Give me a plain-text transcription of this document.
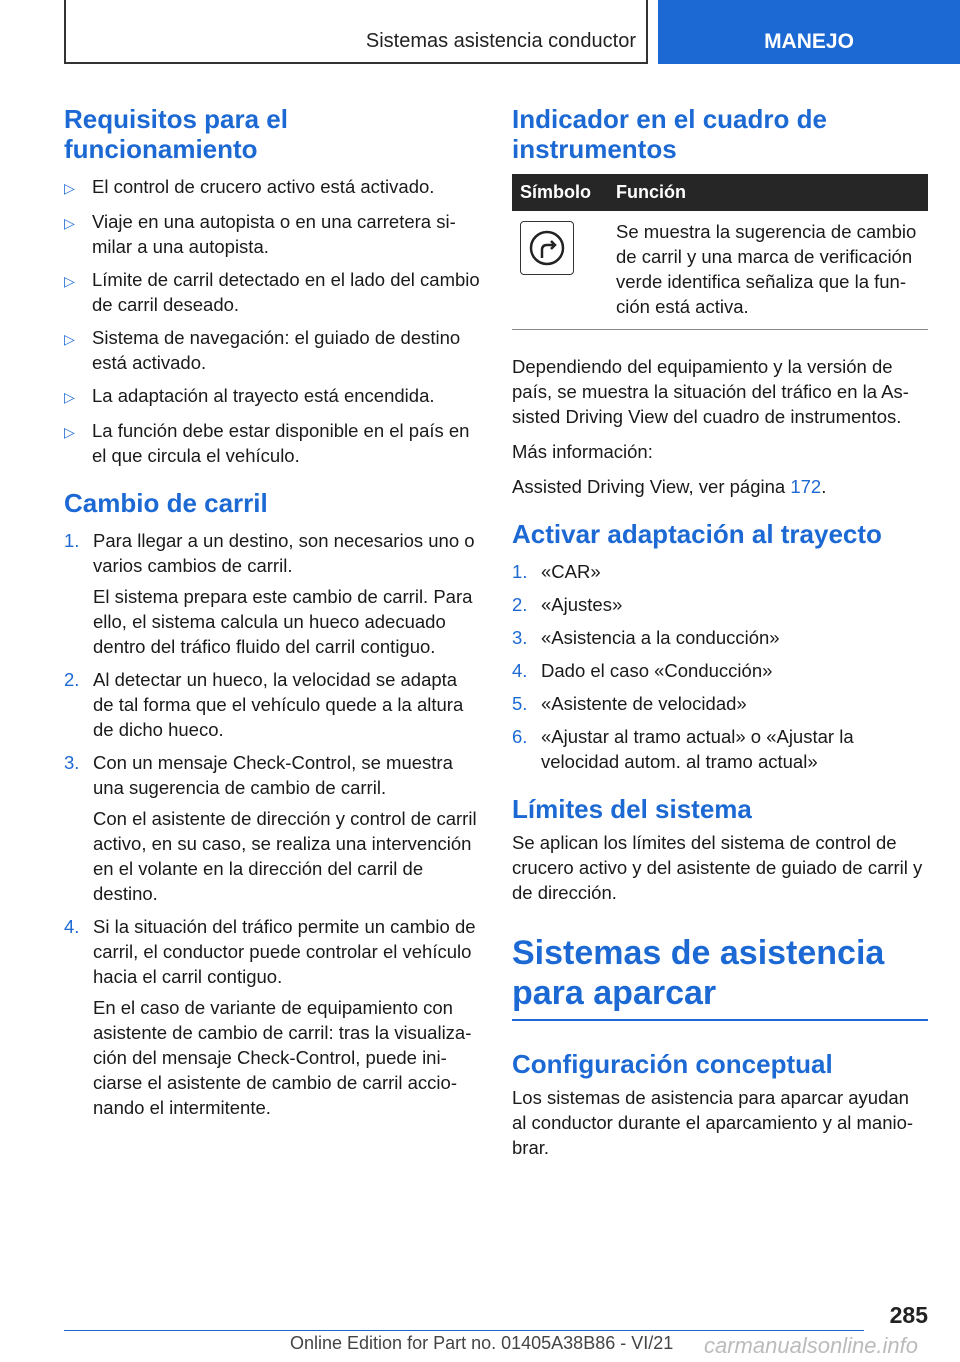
Sistemas asistencia conductor	MANEJO
Requisitos para el funcionamiento
▷ El control de crucero activo está activado.
▷ Viaje en una autopista o en una carretera similar a una autopista.
▷ Límite de carril detectado en el lado del cambio de carril deseado.
▷ Sistema de navegación: el guiado de destino está activado.
▷ La adaptación al trayecto está encendida.
▷ La función debe estar disponible en el país en el que circula el vehículo.
Cambio de carril
1. Para llegar a un destino, son necesarios uno o varios cambios de carril.

El sistema prepara este cambio de carril. Para ello, el sistema calcula un hueco adecuado dentro del tráfico fluido del carril contiguo.

2. Al detectar un hueco, la velocidad se adapta de tal forma que el vehículo quede a la altura de dicho hueco.

3. Con un mensaje Check-Control, se muestra una sugerencia de cambio de carril.

Con el asistente de dirección y control de carril activo, en su caso, se realiza una intervención en el volante en la dirección del carril de destino.

4. Si la situación del tráfico permite un cambio de carril, el conductor puede controlar el vehículo hacia el carril contiguo.

En el caso de variante de equipamiento con asistente de cambio de carril: tras la visualización del mensaje Check-Control, puede iniciarse el asistente de cambio de carril accionando el intermitente.

Indicador en el cuadro de instrumentos
Símbolo	Función

	Se muestra la sugerencia de cambio de carril y una marca de verificación verde identifica señaliza que la función está activa.

Dependiendo del equipamiento y la versión de país, se muestra la situación del tráfico en la Assisted Driving View del cuadro de instrumentos.

Más información:

Assisted Driving View, ver página 172.

Activar adaptación al trayecto
1. «CAR»
2. «Ajustes»
3. «Asistencia a la conducción»
4. Dado el caso «Conducción»
5. «Asistente de velocidad»
6. «Ajustar al tramo actual» o «Ajustar la velocidad autom. al tramo actual»
Límites del sistema

Se aplican los límites del sistema de control de crucero activo y del asistente de guiado de carril y de dirección.

Sistemas de asistencia para aparcar
Configuración conceptual

Los sistemas de asistencia para aparcar ayudan al conductor durante el aparcamiento y al maniobrar.

285
Online Edition for Part no. 01405A38B86 - VI/21 carmanualsonline.info
